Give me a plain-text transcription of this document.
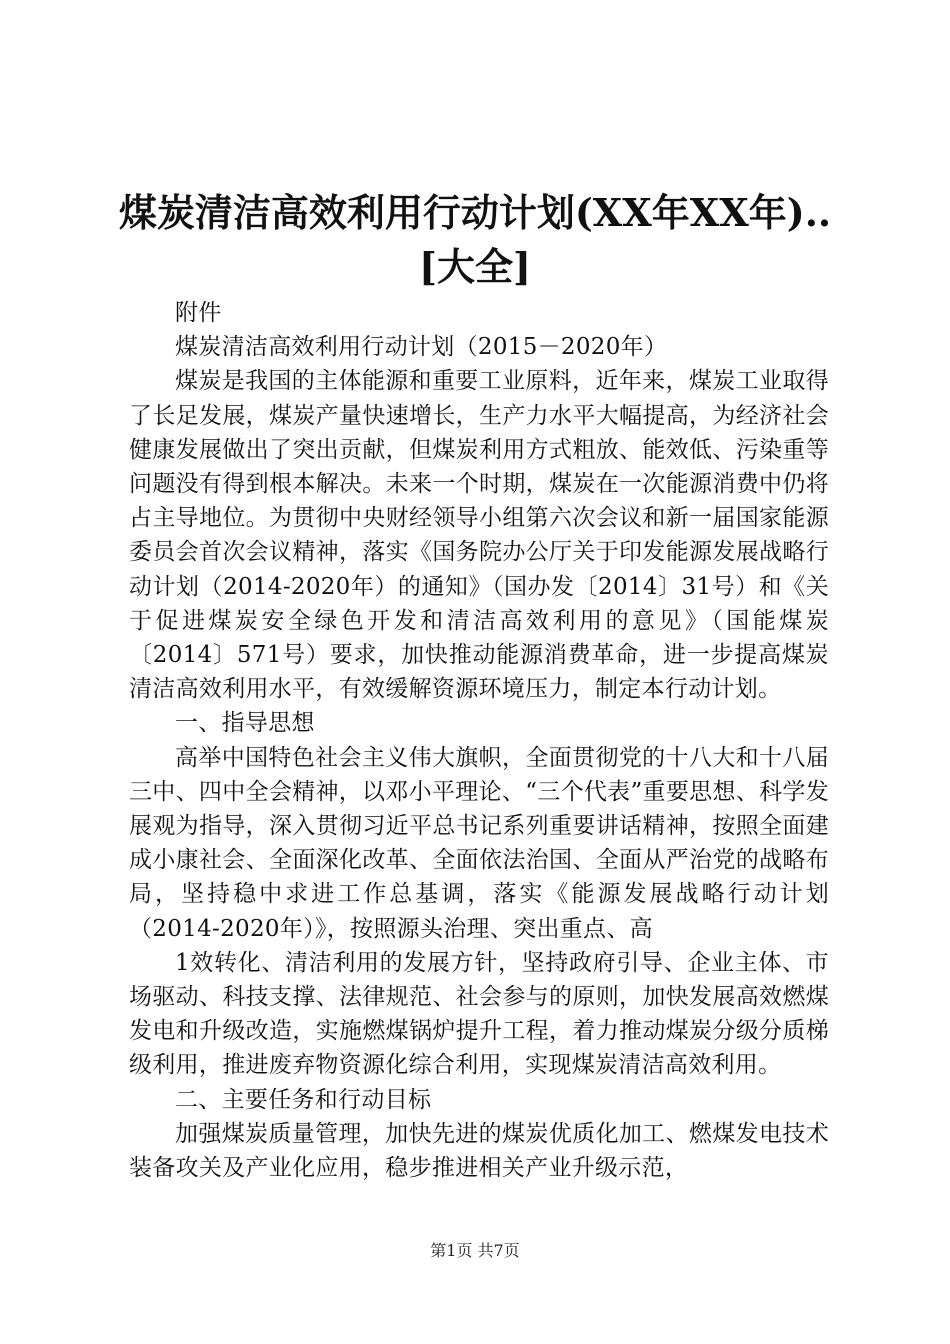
煤炭清洁高效利用行动计划(XX年XX年)..[大全]

附件

煤炭清洁高效利用行动计划（2015－2020年）

煤炭是我国的主体能源和重要工业原料，近年来，煤炭工业取得了长足发展，煤炭产量快速增长，生产力水平大幅提高，为经济社会健康发展做出了突出贡献，但煤炭利用方式粗放、能效低、污染重等问题没有得到根本解决。未来一个时期，煤炭在一次能源消费中仍将占主导地位。为贯彻中央财经领导小组第六次会议和新一届国家能源委员会首次会议精神，落实《国务院办公厅关于印发能源发展战略行动计划（2014-2020年）的通知》（国办发〔2014〕31号）和《关于促进煤炭安全绿色开发和清洁高效利用的意见》（国能煤炭〔2014〕571号）要求，加快推动能源消费革命，进一步提高煤炭清洁高效利用水平，有效缓解资源环境压力，制定本行动计划。

一、指导思想

高举中国特色社会主义伟大旗帜，全面贯彻党的十八大和十八届三中、四中全会精神，以邓小平理论、“三个代表”重要思想、科学发展观为指导，深入贯彻习近平总书记系列重要讲话精神，按照全面建成小康社会、全面深化改革、全面依法治国、全面从严治党的战略布局，坚持稳中求进工作总基调，落实《能源发展战略行动计划（2014-2020年）》，按照源头治理、突出重点、高

1效转化、清洁利用的发展方针，坚持政府引导、企业主体、市场驱动、科技支撑、法律规范、社会参与的原则，加快发展高效燃煤发电和升级改造，实施燃煤锅炉提升工程，着力推动煤炭分级分质梯级利用，推进废弃物资源化综合利用，实现煤炭清洁高效利用。

二、主要任务和行动目标

加强煤炭质量管理，加快先进的煤炭优质化加工、燃煤发电技术装备攻关及产业化应用，稳步推进相关产业升级示范，

第1页 共7页
